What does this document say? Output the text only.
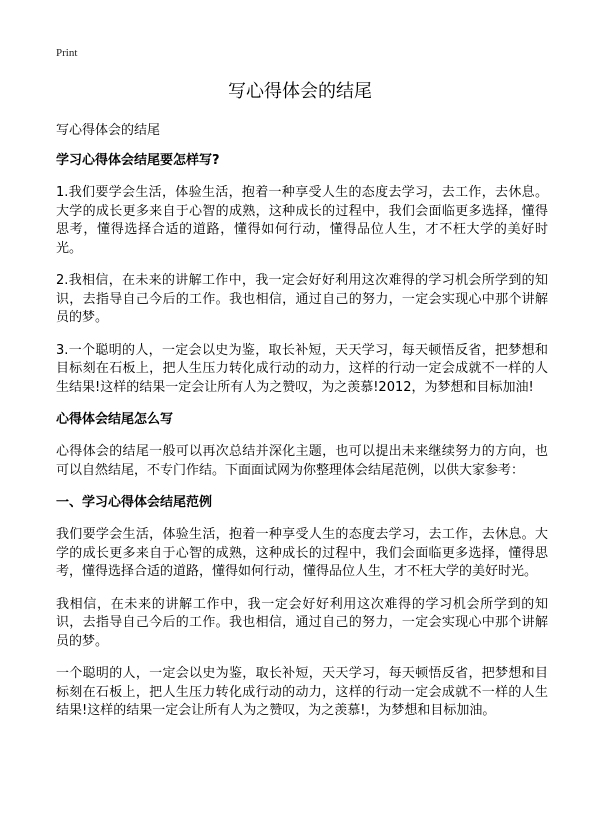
Print
写心得体会的结尾

写心得体会的结尾

学习心得体会结尾要怎样写?

1.我们要学会生活，体验生活，抱着一种享受人生的态度去学习，去工作，去休息。大学的成长更多来自于心智的成熟，这种成长的过程中，我们会面临更多选择，懂得思考，懂得选择合适的道路，懂得如何行动，懂得品位人生，才不枉大学的美好时光。

2.我相信，在未来的讲解工作中，我一定会好好利用这次难得的学习机会所学到的知识，去指导自己今后的工作。我也相信，通过自己的努力，一定会实现心中那个讲解员的梦。

3.一个聪明的人，一定会以史为鉴，取长补短，天天学习，每天顿悟反省，把梦想和目标刻在石板上，把人生压力转化成行动的动力，这样的行动一定会成就不一样的人生结果!这样的结果一定会让所有人为之赞叹，为之羡慕!2012，为梦想和目标加油!

心得体会结尾怎么写

心得体会的结尾一般可以再次总结并深化主题，也可以提出未来继续努力的方向，也可以自然结尾，不专门作结。下面面试网为你整理体会结尾范例，以供大家参考：

一、学习心得体会结尾范例

我们要学会生活，体验生活，抱着一种享受人生的态度去学习，去工作，去休息。大学的成长更多来自于心智的成熟，这种成长的过程中，我们会面临更多选择，懂得思考，懂得选择合适的道路，懂得如何行动，懂得品位人生，才不枉大学的美好时光。

我相信，在未来的讲解工作中，我一定会好好利用这次难得的学习机会所学到的知识，去指导自己今后的工作。我也相信，通过自己的努力，一定会实现心中那个讲解员的梦。

一个聪明的人，一定会以史为鉴，取长补短，天天学习，每天顿悟反省，把梦想和目标刻在石板上，把人生压力转化成行动的动力，这样的行动一定会成就不一样的人生结果!这样的结果一定会让所有人为之赞叹，为之羡慕!，为梦想和目标加油。
